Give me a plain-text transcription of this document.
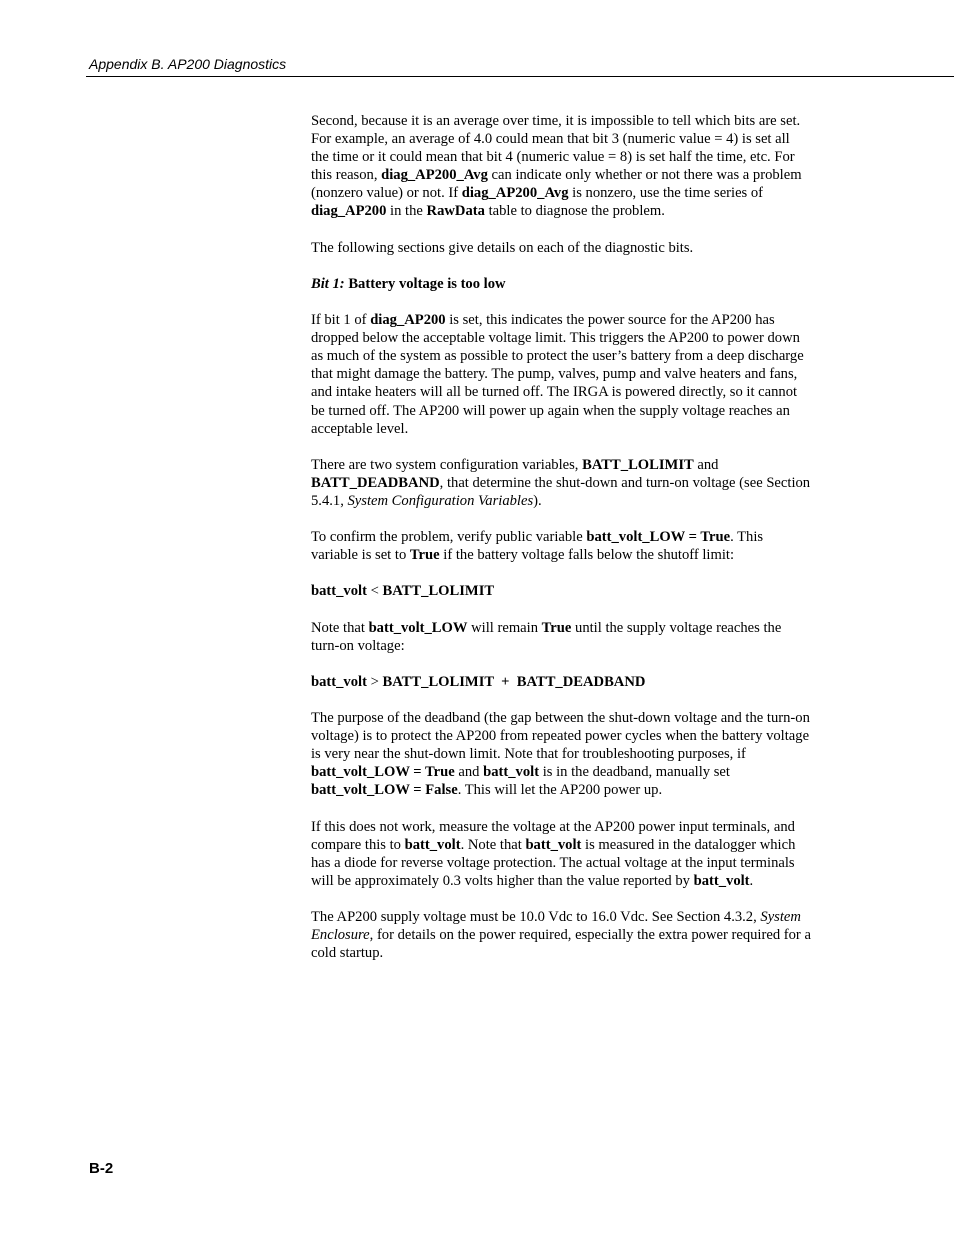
Appendix B. AP200 Diagnostics

Second, because it is an average over time, it is impossible to tell which bits are set. For example, an average of 4.0 could mean that bit 3 (numeric value = 4) is set all the time or it could mean that bit 4 (numeric value = 8) is set half the time, etc. For this reason, diag_AP200_Avg can indicate only whether or not there was a problem (nonzero value) or not. If diag_AP200_Avg is nonzero, use the time series of diag_AP200 in the RawData table to diagnose the problem.

The following sections give details on each of the diagnostic bits.

Bit 1: Battery voltage is too low

If bit 1 of diag_AP200 is set, this indicates the power source for the AP200 has dropped below the acceptable voltage limit. This triggers the AP200 to power down as much of the system as possible to protect the user’s battery from a deep discharge that might damage the battery. The pump, valves, pump and valve heaters and fans, and intake heaters will all be turned off. The IRGA is powered directly, so it cannot be turned off. The AP200 will power up again when the supply voltage reaches an acceptable level.

There are two system configuration variables, BATT_LOLIMIT and BATT_DEADBAND, that determine the shut-down and turn-on voltage (see Section 5.4.1, System Configuration Variables).

To confirm the problem, verify public variable batt_volt_LOW = True. This variable is set to True if the battery voltage falls below the shutoff limit:

batt_volt < BATT_LOLIMIT

Note that batt_volt_LOW will remain True until the supply voltage reaches the turn-on voltage:

batt_volt > BATT_LOLIMIT  +  BATT_DEADBAND

The purpose of the deadband (the gap between the shut-down voltage and the turn-on voltage) is to protect the AP200 from repeated power cycles when the battery voltage is very near the shut-down limit. Note that for troubleshooting purposes, if batt_volt_LOW = True and batt_volt is in the deadband, manually set batt_volt_LOW = False. This will let the AP200 power up.

If this does not work, measure the voltage at the AP200 power input terminals, and compare this to batt_volt. Note that batt_volt is measured in the datalogger which has a diode for reverse voltage protection. The actual voltage at the input terminals will be approximately 0.3 volts higher than the value reported by batt_volt.

The AP200 supply voltage must be 10.0 Vdc to 16.0 Vdc. See Section 4.3.2, System Enclosure, for details on the power required, especially the extra power required for a cold startup.

B-2
